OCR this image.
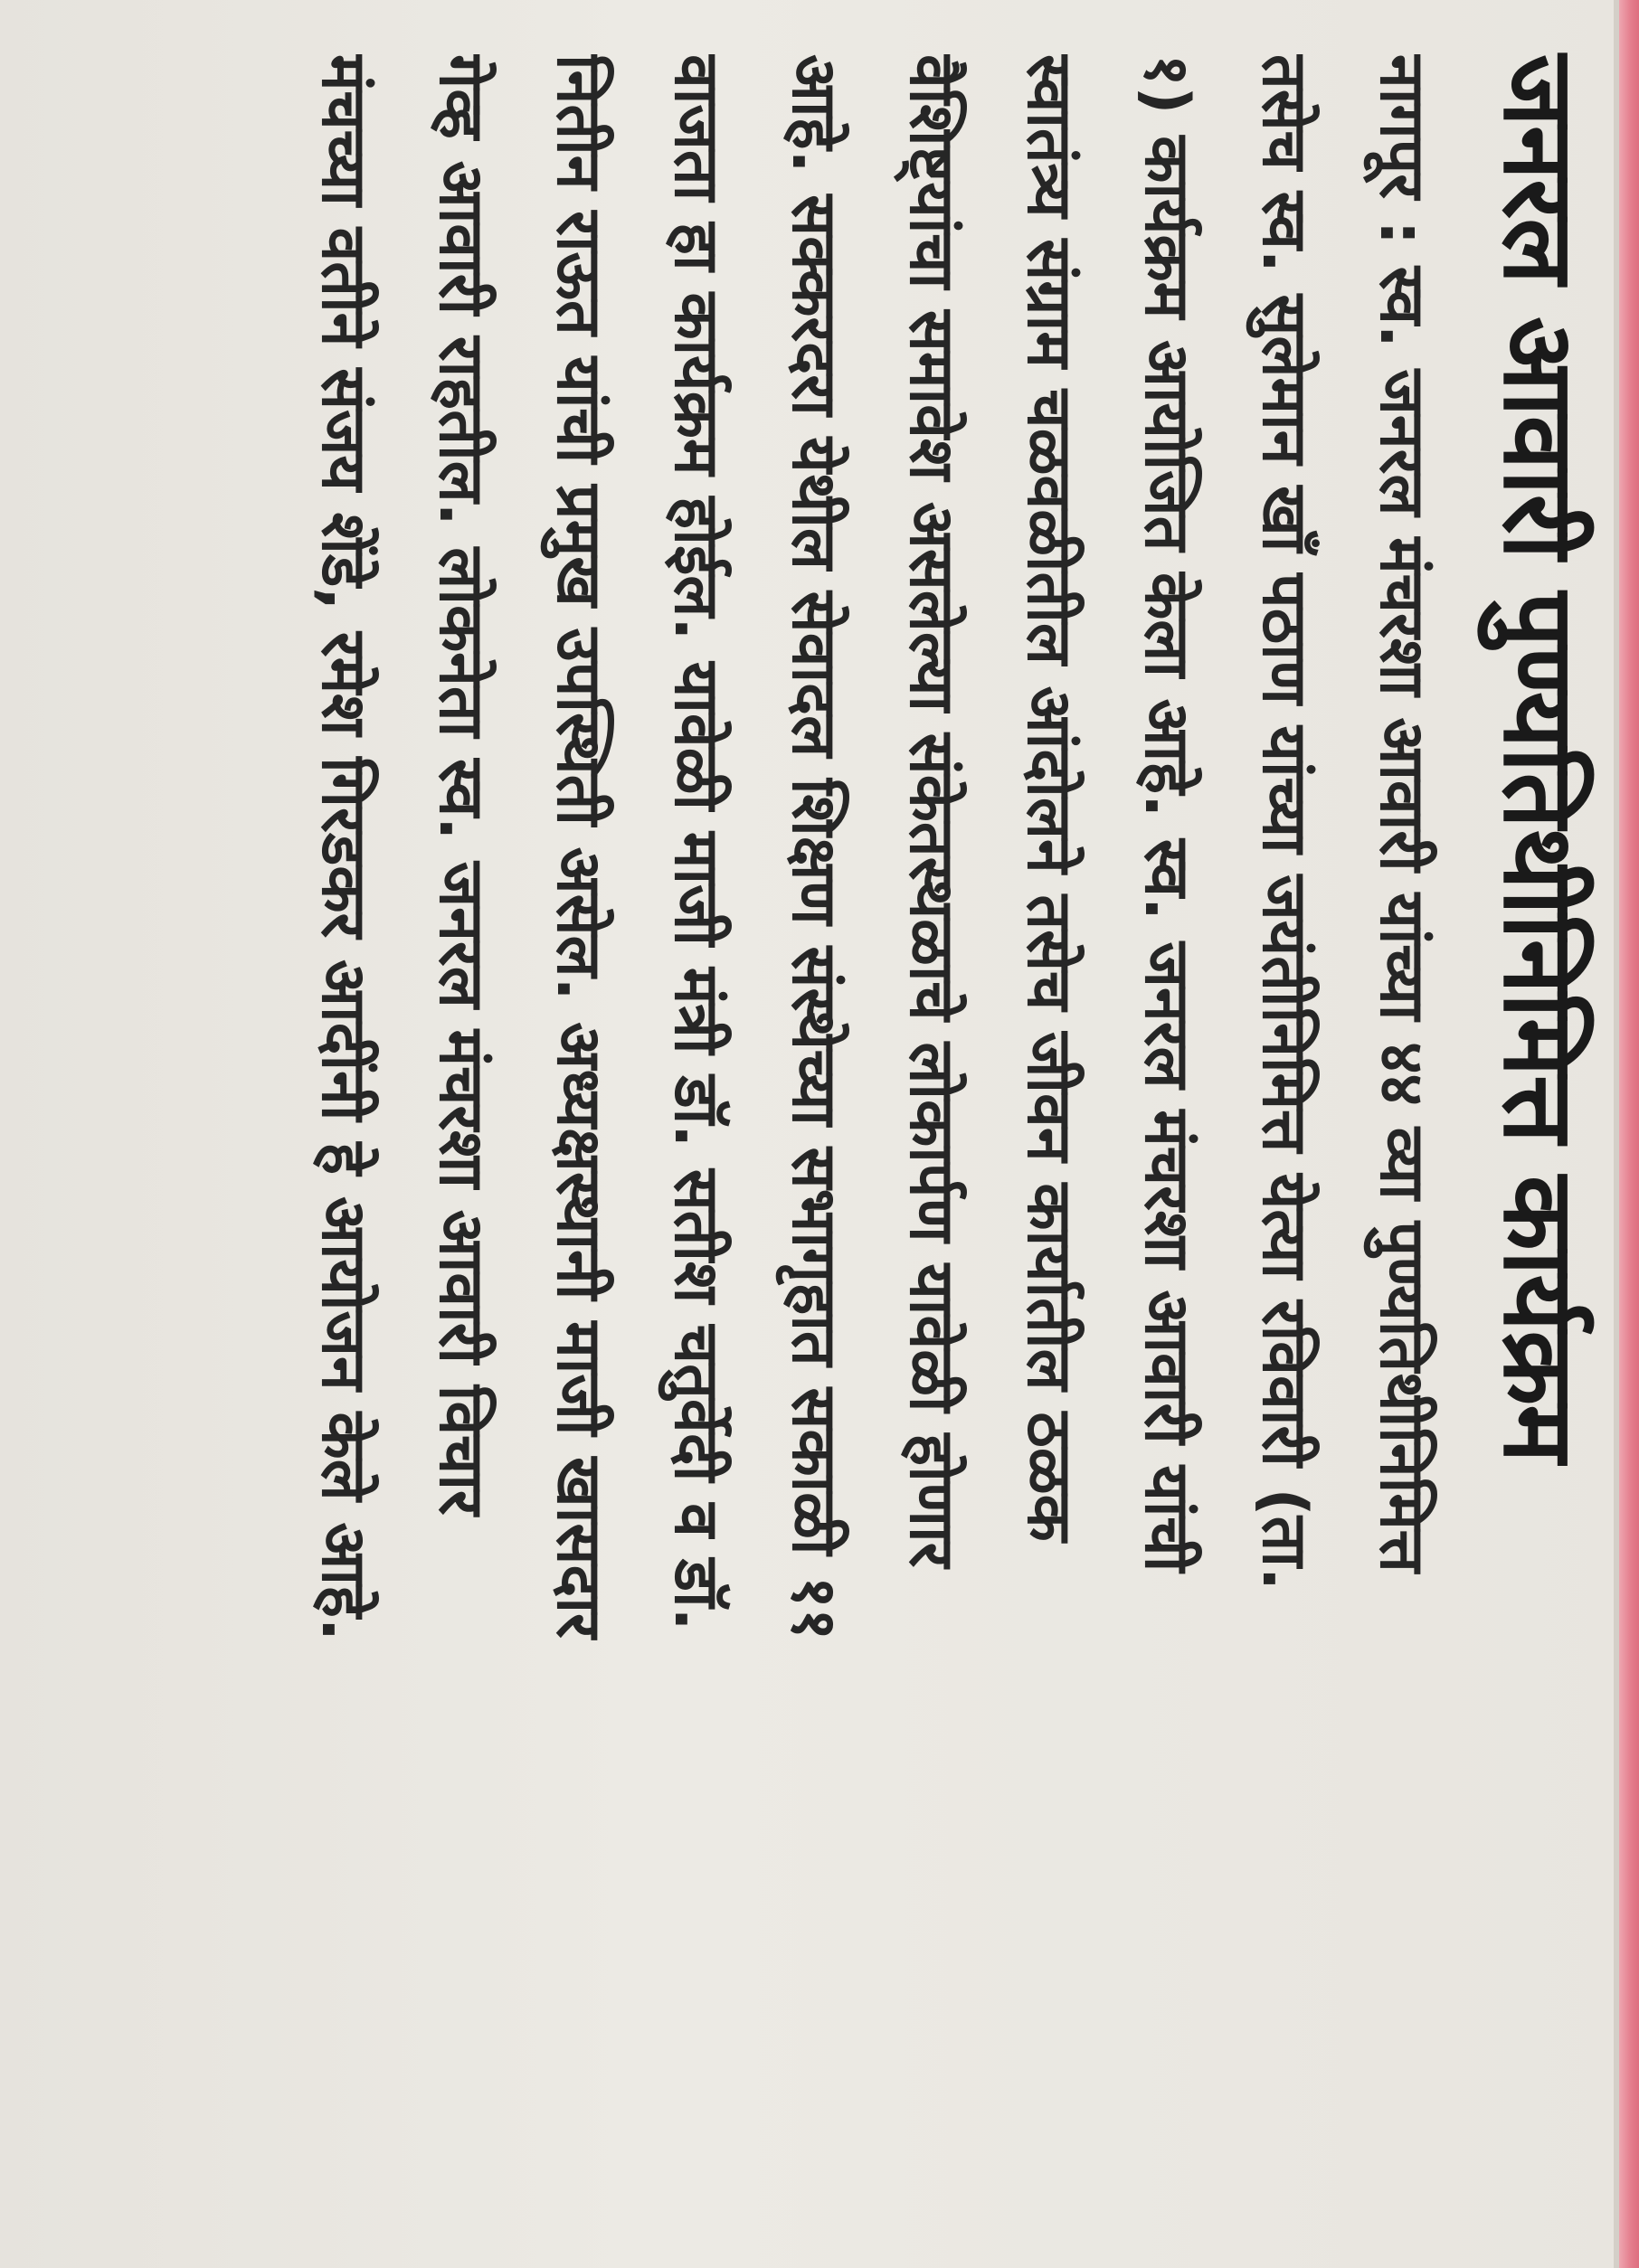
जनरल आवारी पुण्यतिथीनिमित्त कार्यक्रम
नागपूर : स्व. जनरल मंचरशा आवारी यांच्या ४४ व्या पुण्यतिथीनिमित्त
तसेच स्व. सुलेमान खाँ पठाण यांच्या जयंतीनिमित्त येत्या रविवारी (ता.
१) कार्यक्रम आयोजित केला आहे. स्व. जनरल मंचरशा आवारी यांची
स्वातंत्र्य संग्राम चळवळीतील आंदोलने तसेच जीवन कार्यातील ठळक
वैशिष्ट्यांचा समावेश असलेल्या संकेतस्थळाचे लोकार्पण यावेळी होणार
आहे. सक्करदरा येथील सेवादल शिक्षण संस्थेच्या सभागृहात सकाळी ११
वाजता हा कार्यक्रम होईल. यावेळी माजी मंत्री डॉ. सतीश चतुर्वेदी व डॉ.
नितीन राऊत यांची प्रमुख उपस्थिती असेल. अध्यक्षस्थानी माजी खासदार
गेव्ह आवारी राहतील. लोकनेता स्व. जनरल मंचरशा आवारी विचार
मंचच्या वतीने संजय शेंडे, रमेश गिरडकर आदींनी हे आयोजन केले आहे.
